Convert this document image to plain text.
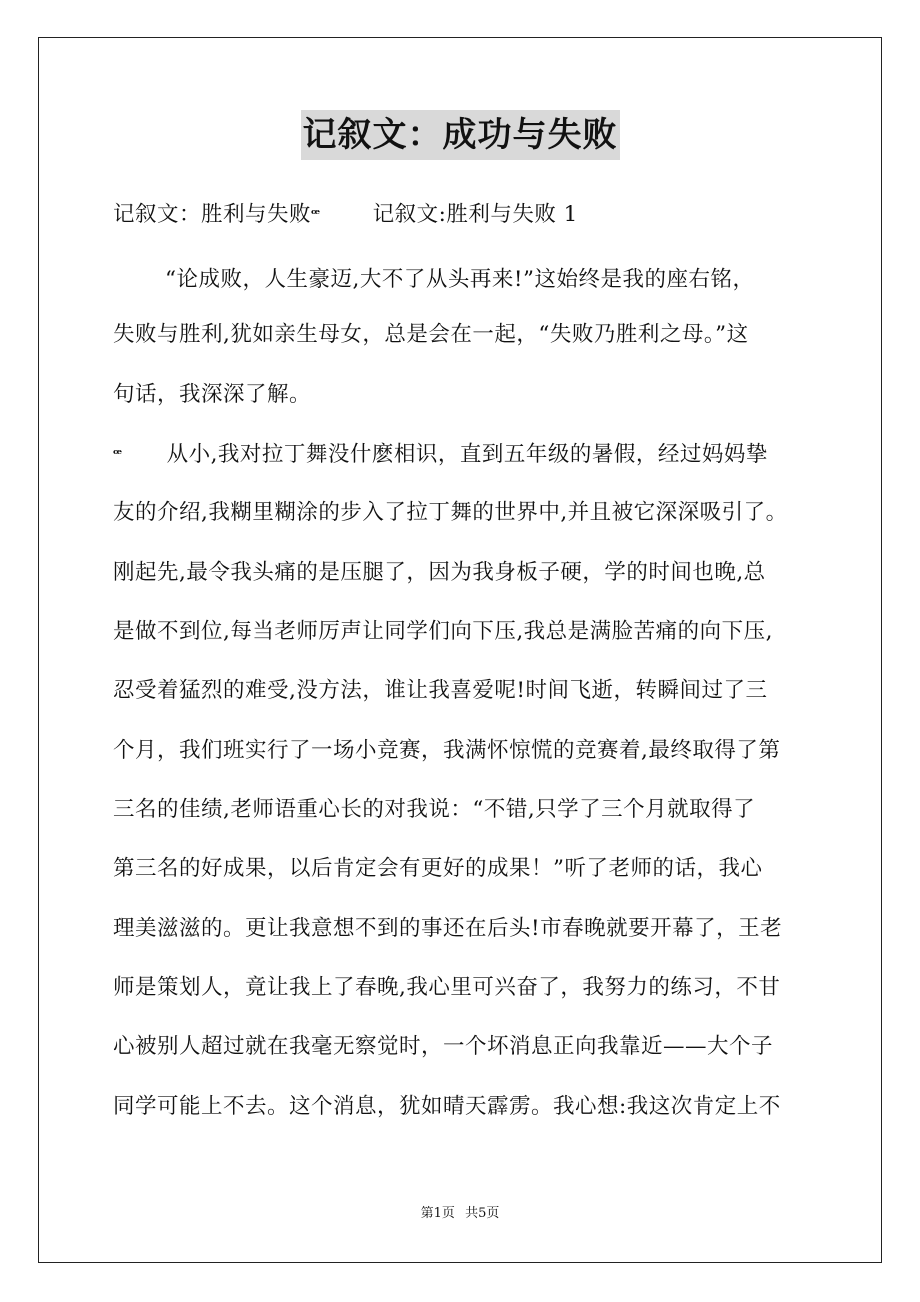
记叙文：成功与失败
记叙文：胜利与失败ꟹ 记叙文:胜利与失败 1
“论成败，人生豪迈,大不了从头再来!”这始终是我的座右铭，
失败与胜利,犹如亲生母女，总是会在一起，“失败乃胜利之母。”这
句话，我深深了解。
ꟹ 从小,我对拉丁舞没什麽相识，直到五年级的暑假，经过妈妈挚
友的介绍,我糊里糊涂的步入了拉丁舞的世界中,并且被它深深吸引了。
刚起先,最令我头痛的是压腿了，因为我身板子硬，学的时间也晚,总
是做不到位,每当老师厉声让同学们向下压,我总是满脸苦痛的向下压,
忍受着猛烈的难受,没方法，谁让我喜爱呢!时间飞逝，转瞬间过了三
个月，我们班实行了一场小竞赛，我满怀惊慌的竞赛着,最终取得了第
三名的佳绩,老师语重心长的对我说：“不错,只学了三个月就取得了
第三名的好成果，以后肯定会有更好的成果！”听了老师的话，我心
理美滋滋的。更让我意想不到的事还在后头!市春晚就要开幕了，王老
师是策划人，竟让我上了春晚,我心里可兴奋了，我努力的练习，不甘
心被别人超过就在我毫无察觉时，一个坏消息正向我靠近——大个子
同学可能上不去。这个消息，犹如晴天霹雳。我心想:我这次肯定上不
第1页 共5页
